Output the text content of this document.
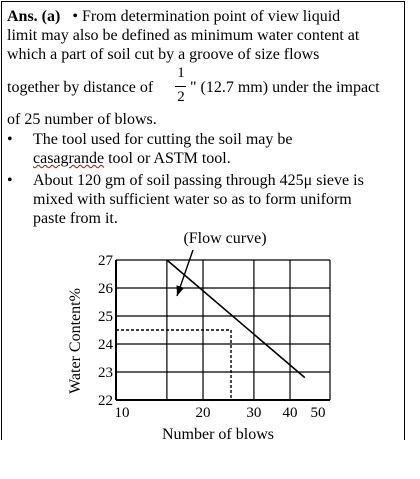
Ans. (a) • From determination point of view liquid
limit may also be defined as minimum water content at
which a part of soil cut by a groove of size flows
together by distance of
1
2
" (12.7 mm) under the impact
of 25 number of blows.
• The tool used for cutting the soil may be
casagrande tool or ASTM tool.
• About 120 gm of soil passing through 425μ sieve is
mixed with sufficient water so as to form uniform
paste from it.
22
23
24
25
26
27
10	20 30 40 50
(Flow curve)
Number of blows
Water Content%
